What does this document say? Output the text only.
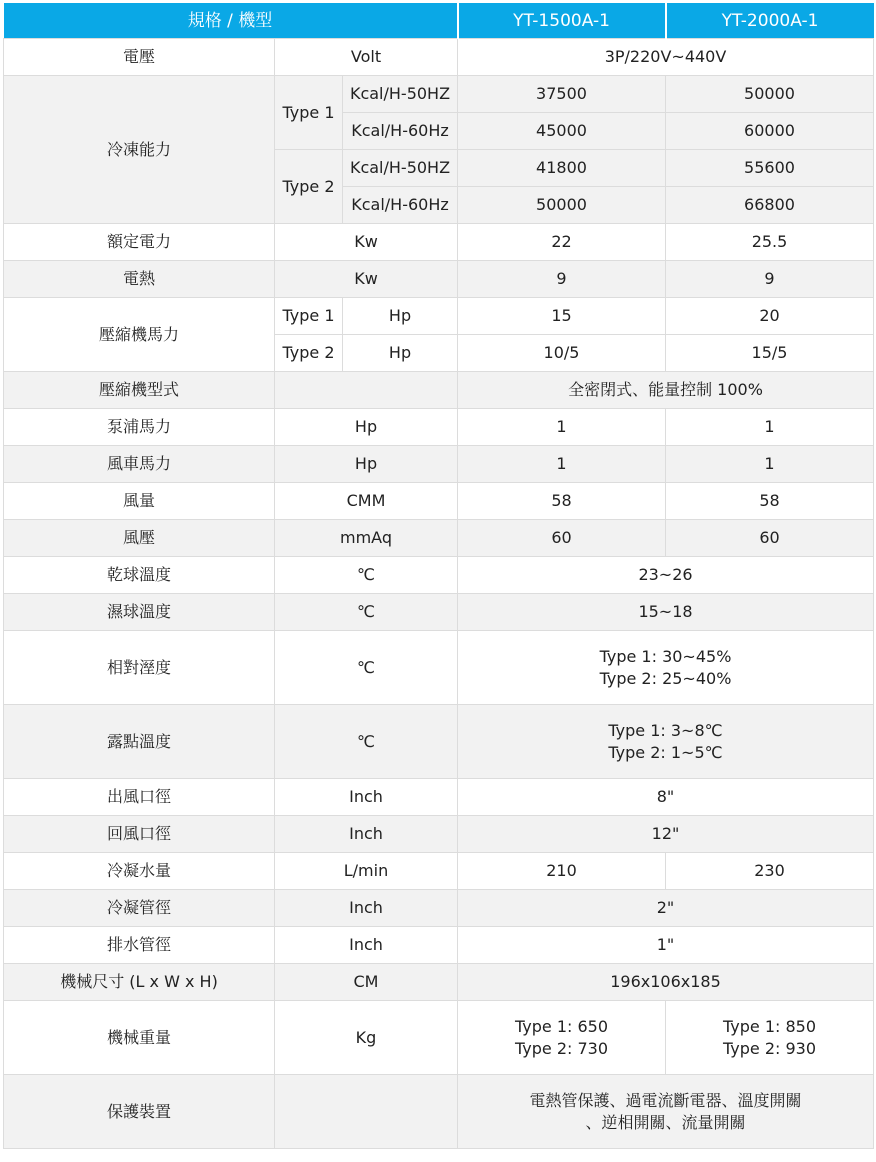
規格 / 機型			YT-1500A-1	YT-2000A-1
電壓	Volt		3P/220V~440V	
冷凍能力	Type 1	Kcal/H-50HZ	37500	50000
		Kcal/H-60Hz	45000	60000
	Type 2	Kcal/H-50HZ	41800	55600
		Kcal/H-60Hz	50000	66800
額定電力	Kw		22	25.5
電熱	Kw		9	9
壓縮機馬力	Type 1	Hp	15	20
	Type 2	Hp	10/5	15/5
壓縮機型式			全密閉式、能量控制 100%	
泵浦馬力	Hp		1	1
風車馬力	Hp		1	1
風量	CMM		58	58
風壓	mmAq		60	60
乾球溫度	℃		23~26	
濕球溫度	℃		15~18	
相對溼度	℃		Type 1: 30~45%
Type 2: 25~40%	

露點溫度	℃		Type 1: 3~8℃
Type 2: 1~5℃	

出風口徑	Inch		8"	
回風口徑	Inch		12"	
冷凝水量	L/min		210	230
冷凝管徑	Inch		2"	
排水管徑	Inch		1"	
機械尺寸 (L x W x H)	CM		196x106x185	
機械重量	Kg		Type 1: 650
Type 2: 730	Type 1: 850
Type 2: 930

保護裝置			電熱管保護、過電流斷電器、溫度開關
、逆相開關、流量開關	
